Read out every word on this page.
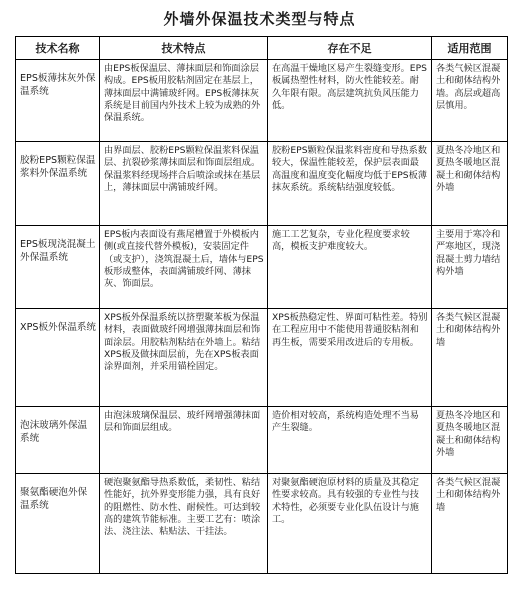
外墙外保温技术类型与特点
技术名称	技术特点	存在不足	适用范围
EPS板薄抹灰外保温系统	由EPS板保温层、薄抹面层和饰面涂层构成。EPS板用胶粘剂固定在基层上，薄抹面层中满铺玻纤网。EPS板薄抹灰系统是目前国内外技术上较为成熟的外保温系统。	在高温干燥地区易产生裂缝变形。EPS板属热塑性材料，防火性能较差。耐久年限有限。高层建筑抗负风压能力低。	各类气候区混凝土和砌体结构外墙。高层或超高层慎用。
胶粉EPS颗粒保温浆料外保温系统	由界面层、胶粉EPS颗粒保温浆料保温层、抗裂砂浆薄抹面层和饰面层组成。保温浆料经现场拌合后喷涂或抹在基层上，薄抹面层中满铺玻纤网。	胶粉EPS颗粒保温浆料密度和导热系数较大，保温性能较差，保护层表面最高温度和温度变化幅度均低于EPS板薄抹灰系统。系统粘结强度较低。	夏热冬冷地区和夏热冬暖地区混凝土和砌体结构外墙
EPS板现浇混凝土外保温系统	EPS板内表面设有燕尾槽置于外模板内侧(或直接代替外模板)，安装固定件（或支护），浇筑混凝土后，墙体与EPS板形成整体，表面满铺玻纤网、薄抹灰、饰面层。	施工工艺复杂，专业化程度要求较高，模板支护难度较大。	主要用于寒冷和严寒地区，现浇混凝土剪力墙结构外墙
XPS板外保温系统	XPS板外保温系统以挤塑聚苯板为保温材料，表面做玻纤网增强薄抹面层和饰面涂层。用胶粘剂粘结在外墙上。粘结XPS板及做抹面层前，先在XPS板表面涂界面剂，并采用锚栓固定。	XPS板热稳定性、界面可粘性差。特别在工程应用中不能使用普通胶粘剂和再生板，需要采用改进后的专用板。	各类气候区混凝土和砌体结构外墙
泡沫玻璃外保温系统	由泡沫玻璃保温层、玻纤网增强薄抹面层和饰面层组成。	造价相对较高，系统构造处理不当易产生裂缝。	夏热冬冷地区和夏热冬暖地区混凝土和砌体结构外墙
聚氨酯硬泡外保温系统	硬泡聚氨酯导热系数低，柔韧性、粘结性能好，抗外界变形能力强，具有良好的阻燃性、防水性、耐候性。可达到较高的建筑节能标准。主要工艺有：喷涂法、浇注法、粘贴法、干挂法。	对聚氨酯硬泡原材料的质量及其稳定性要求较高。具有较强的专业性与技术特性，必须要专业化队伍设计与施工。	各类气候区混凝土和砌体结构外墙
